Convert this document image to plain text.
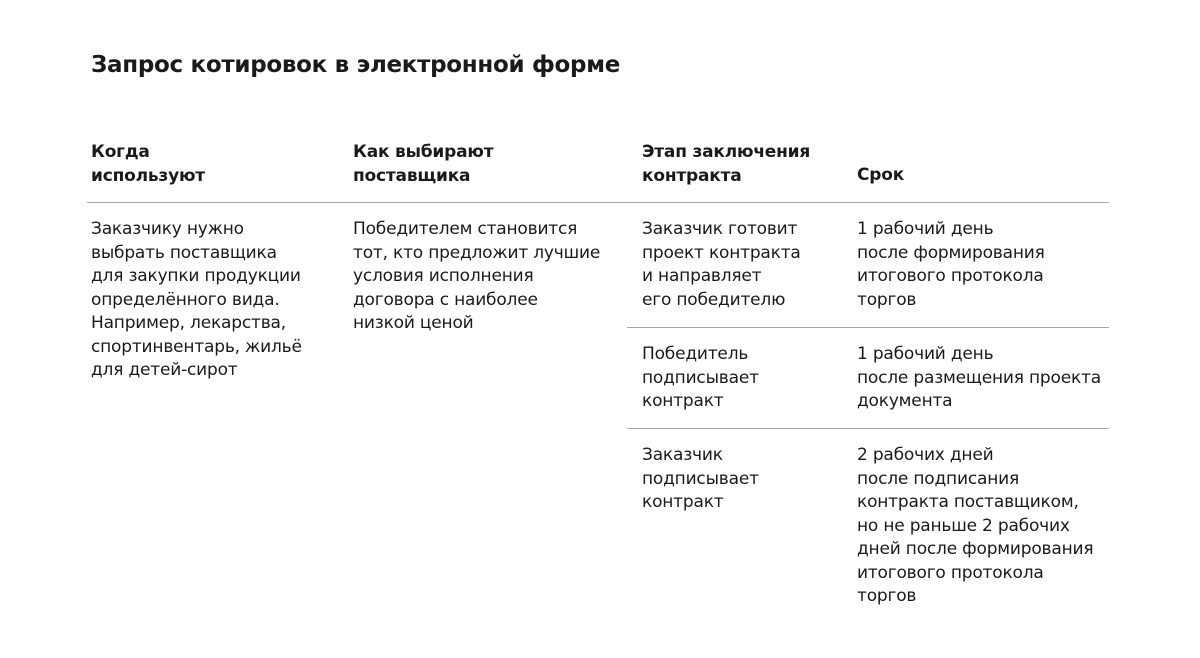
Запрос котировок в электронной форме
Когда
используют
Как выбирают
поставщика
Этап заключения
контракта	Срок
Заказчику нужно
выбрать поставщика
для закупки продукции
определённого вида.
Например, лекарства,
спортинвентарь, жильё
для детей-сирот
Победителем становится
тот, кто предложит лучшие
условия исполнения
договора с наиболее
низкой ценой
Заказчик готовит
проект контракта
и направляет
его победителю
1 рабочий день
после формирования
итогового протокола
торгов
Победитель
подписывает
контракт
1 рабочий день
после размещения проекта
документа
Заказчик
подписывает
контракт
2 рабочих дней
после подписания
контракта поставщиком,
но не раньше 2 рабочих
дней после формирования
итогового протокола
торгов
